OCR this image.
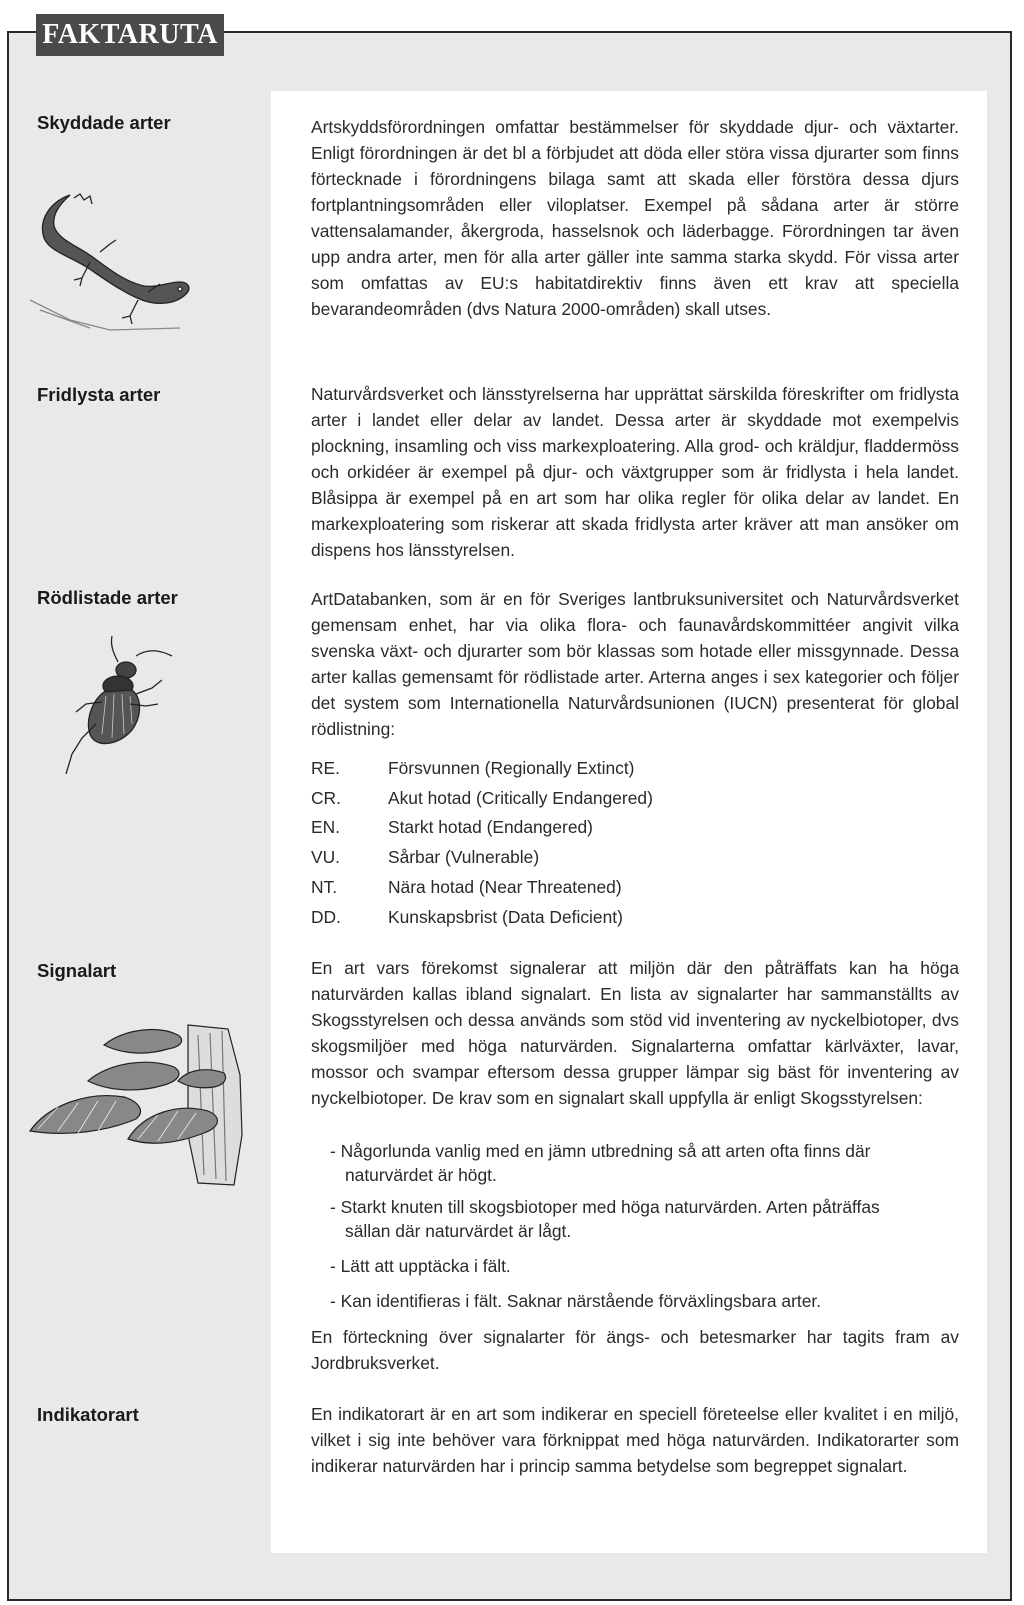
FAKTARUTA
Skyddade arter	Artskyddsförordningen omfattar bestämmelser för skyddade djur- och växtarter. Enligt förordningen är det bl a förbjudet att döda eller störa vissa djurarter som finns förtecknade i förordningens bilaga samt att skada eller förstöra dessa djurs fortplantningsområden eller viloplatser. Exempel på sådana arter är större vattensalamander, åkergroda, hasselsnok och läderbagge. Förordningen tar även upp andra arter, men för alla arter gäller inte samma starka skydd. För vissa arter som omfattas av EU:s habitatdirektiv finns även ett krav att speciella bevarandeområden (dvs Natura 2000-områden) skall utses.
Fridlysta arter	Naturvårdsverket och länsstyrelserna har upprättat särskilda föreskrifter om fridlysta arter i landet eller delar av landet. Dessa arter är skyddade mot exempelvis plockning, insamling och viss markexploatering. Alla grod- och kräldjur, fladdermöss och orkidéer är exempel på djur- och växtgrupper som är fridlysta i hela landet. Blåsippa är exempel på en art som har olika regler för olika delar av landet. En markexploatering som riskerar att skada fridlysta arter kräver att man ansöker om dispens hos länsstyrelsen.
Rödlistade arter	ArtDatabanken, som är en för Sveriges lantbruksuniversitet och Naturvårdsverket gemensam enhet, har via olika flora- och faunavårdskommittéer angivit vilka svenska växt- och djurarter som bör klassas som hotade eller missgynnade. Dessa arter kallas gemensamt för rödlistade arter. Arterna anges i sex kategorier och följer det system som Internationella Naturvårdsunionen (IUCN) presenterat för global rödlistning:
RE.	Försvunnen (Regionally Extinct)
CR.	Akut hotad (Critically Endangered)
EN.	Starkt hotad (Endangered)
VU.	Sårbar (Vulnerable)
NT.	Nära hotad (Near Threatened)
DD.	Kunskapsbrist (Data Deficient)
Signalart	En art vars förekomst signalerar att miljön där den påträffats kan ha höga naturvärden kallas ibland signalart. En lista av signalarter har sammanställts av Skogsstyrelsen och dessa används som stöd vid inventering av nyckelbiotoper, dvs skogsmiljöer med höga naturvärden. Signalarterna omfattar kärlväxter, lavar, mossor och svampar eftersom dessa grupper lämpar sig bäst för inventering av nyckelbiotoper. De krav som en signalart skall uppfylla är enligt Skogsstyrelsen:
- Någorlunda vanlig med en jämn utbredning så att arten ofta finns där naturvärdet är högt.
- Starkt knuten till skogsbiotoper med höga naturvärden. Arten påträffas sällan där naturvärdet är lågt.
- Lätt att upptäcka i fält.
- Kan identifieras i fält. Saknar närstående förväxlingsbara arter.
En förteckning över signalarter för ängs- och betesmarker har tagits fram av Jordbruksverket.
Indikatorart	En indikatorart är en art som indikerar en speciell företeelse eller kvalitet i en miljö, vilket i sig inte behöver vara förknippat med höga naturvärden. Indikatorarter som indikerar naturvärden har i princip samma betydelse som begreppet signalart.
